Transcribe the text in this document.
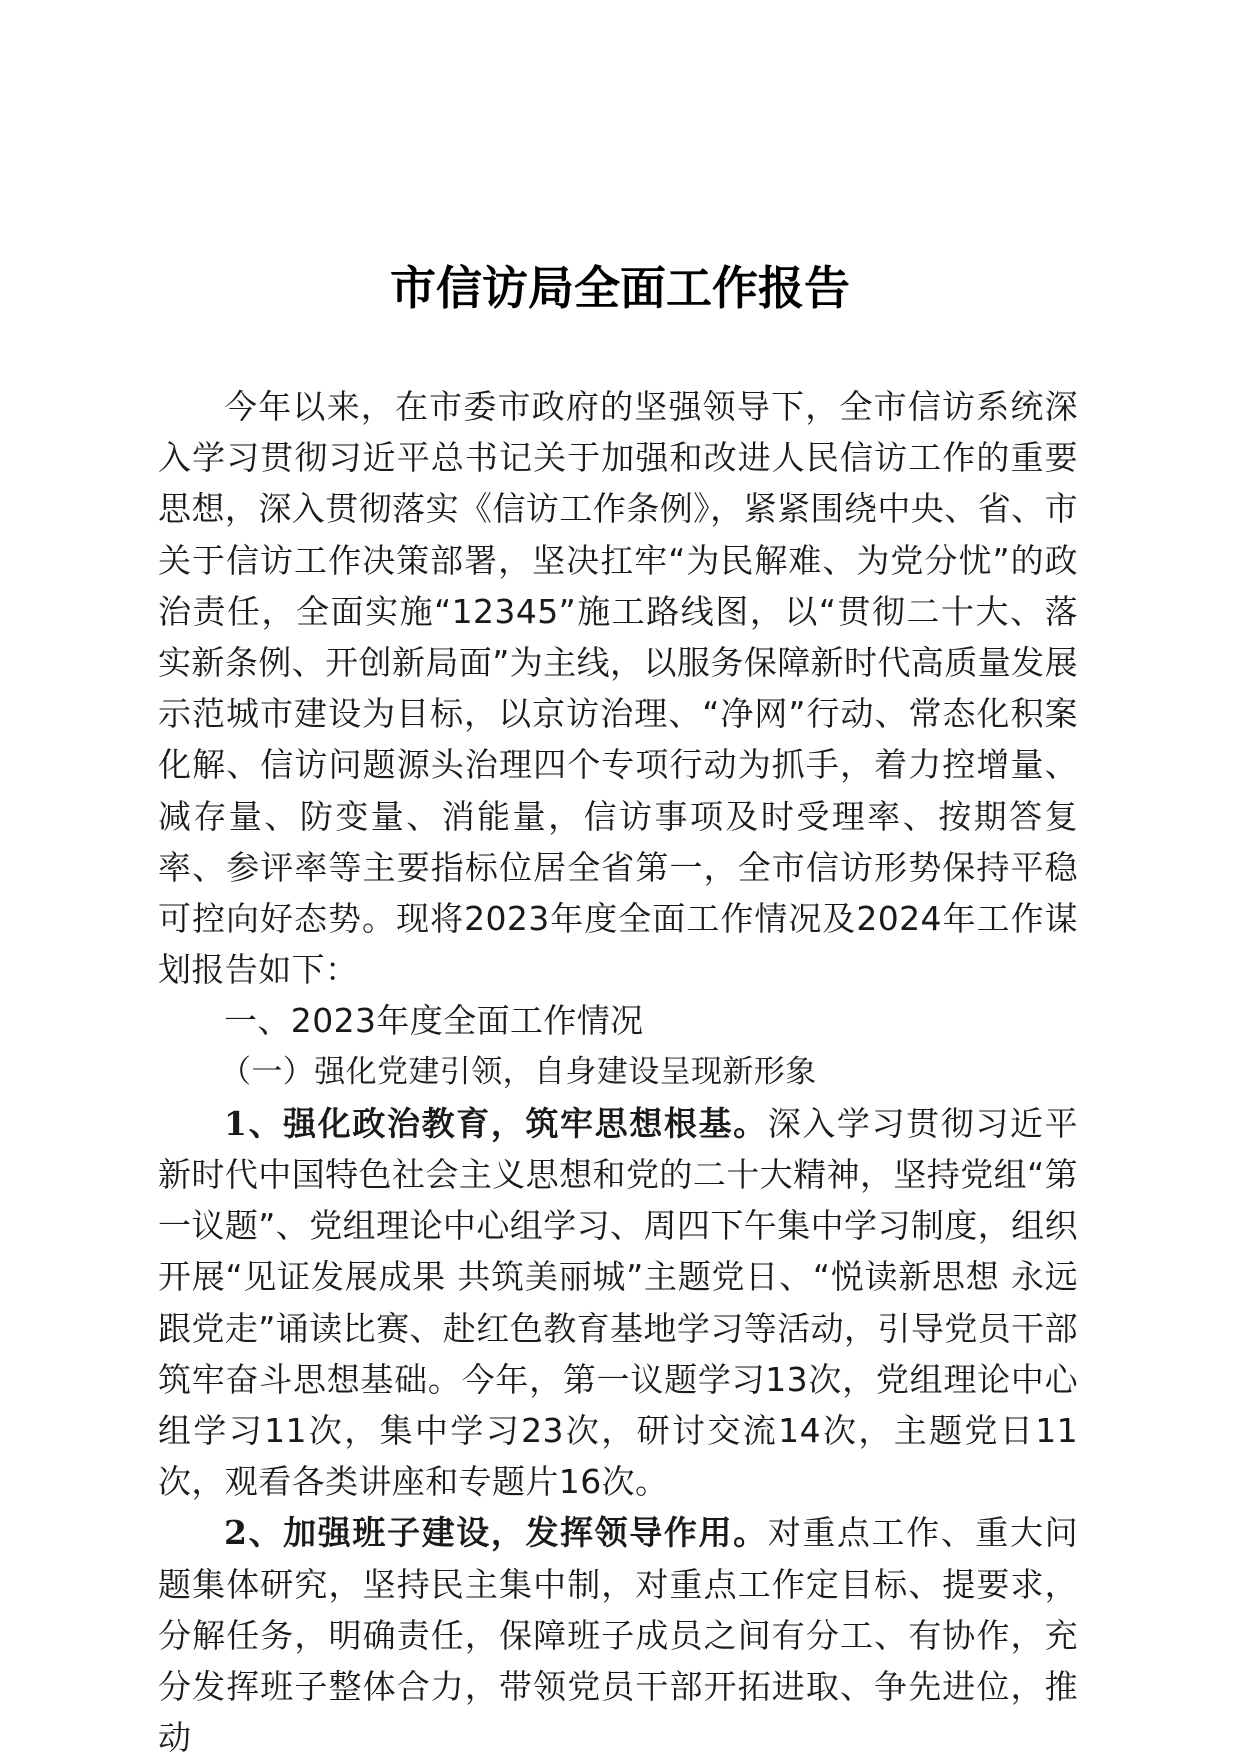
市信访局全面工作报告

今年以来，在市委市政府的坚强领导下，全市信访系统深入学习贯彻习近平总书记关于加强和改进人民信访工作的重要思想，深入贯彻落实《信访工作条例》，紧紧围绕中央、省、市关于信访工作决策部署，坚决扛牢“为民解难、为党分忧”的政治责任，全面实施“12345”施工路线图，以“贯彻二十大、落实新条例、开创新局面”为主线，以服务保障新时代高质量发展示范城市建设为目标，以京访治理、“净网”行动、常态化积案化解、信访问题源头治理四个专项行动为抓手，着力控增量、减存量、防变量、消能量，信访事项及时受理率、按期答复率、参评率等主要指标位居全省第一，全市信访形势保持平稳可控向好态势。现将2023年度全面工作情况及2024年工作谋划报告如下：

一、2023年度全面工作情况

（一）强化党建引领，自身建设呈现新形象

1、强化政治教育，筑牢思想根基。深入学习贯彻习近平新时代中国特色社会主义思想和党的二十大精神，坚持党组“第一议题”、党组理论中心组学习、周四下午集中学习制度，组织开展“见证发展成果 共筑美丽城”主题党日、“悦读新思想 永远跟党走”诵读比赛、赴红色教育基地学习等活动，引导党员干部筑牢奋斗思想基础。今年，第一议题学习13次，党组理论中心组学习11次，集中学习23次，研讨交流14次，主题党日11次，观看各类讲座和专题片16次。

2、加强班子建设，发挥领导作用。对重点工作、重大问题集体研究，坚持民主集中制，对重点工作定目标、提要求，分解任务，明确责任，保障班子成员之间有分工、有协作，充分发挥班子整体合力，带领党员干部开拓进取、争先进位，推动
